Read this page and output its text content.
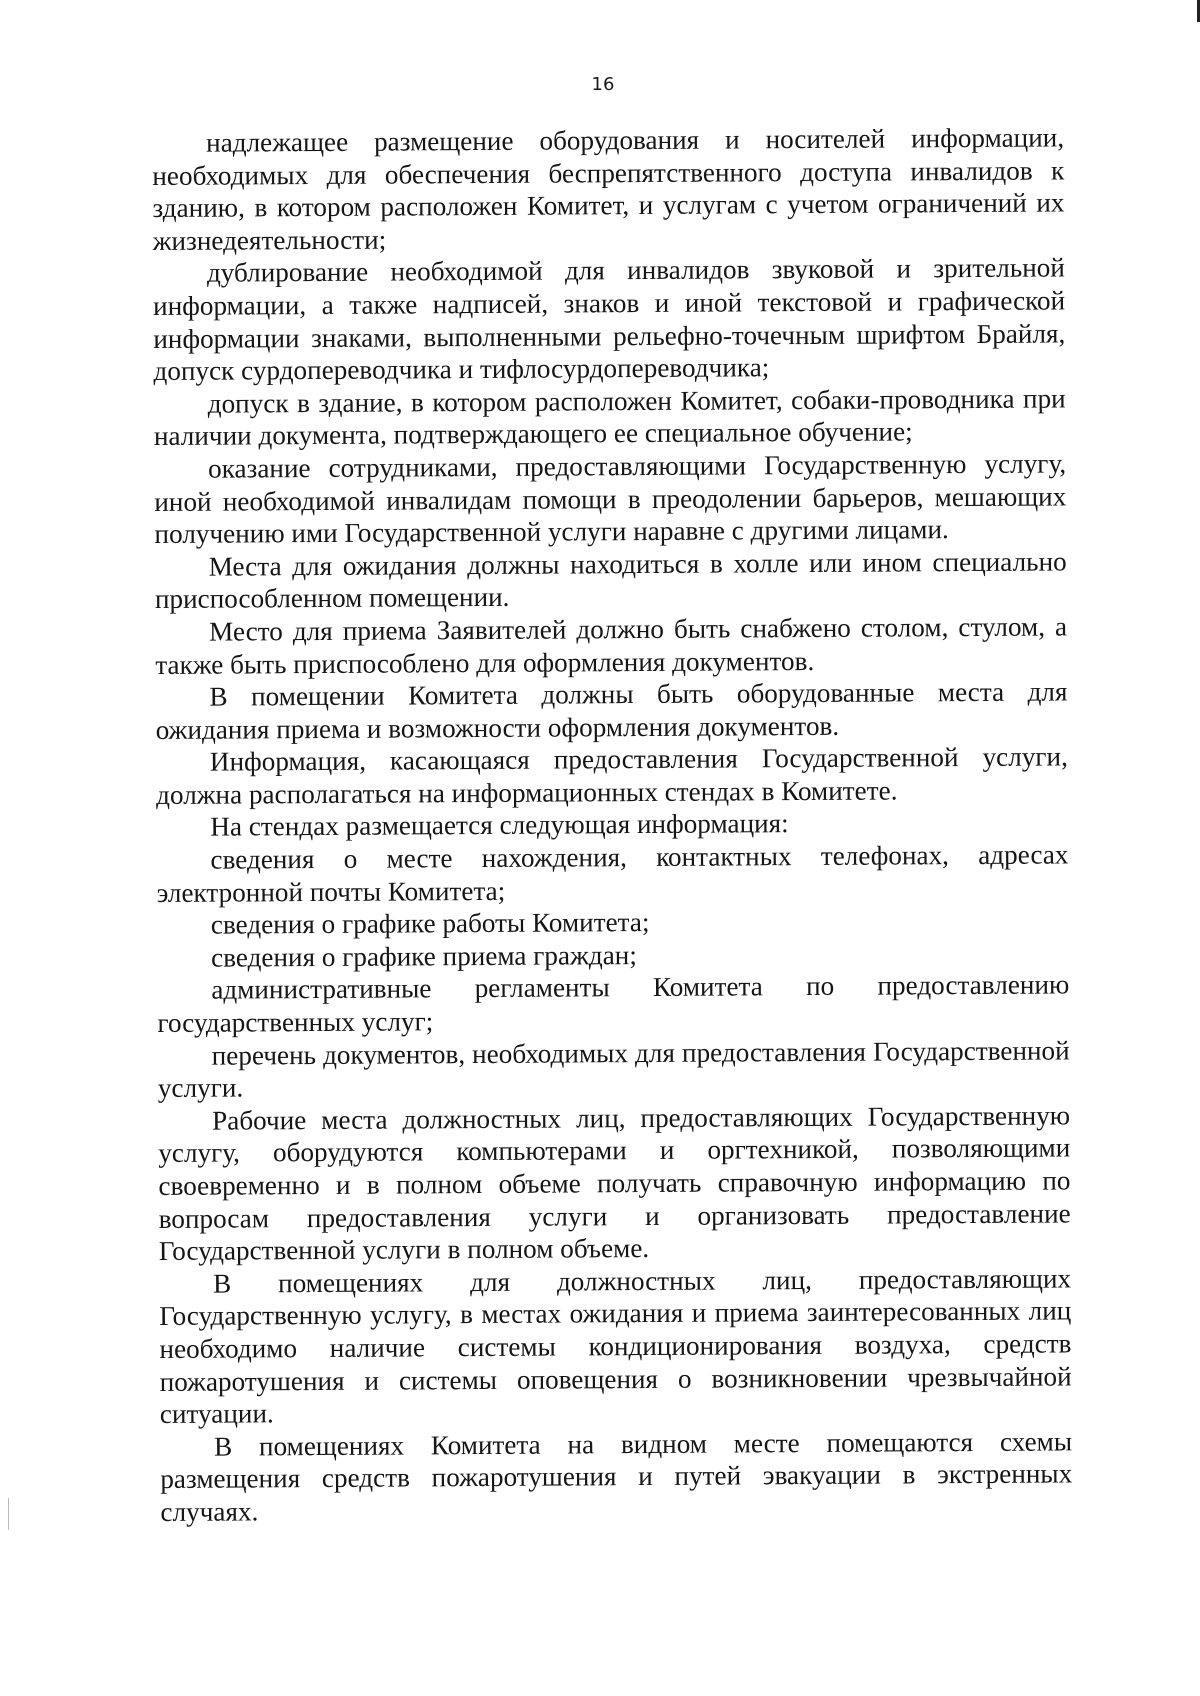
16

надлежащее размещение оборудования и носителей информации, необходимых для обеспечения беспрепятственного доступа инвалидов к зданию, в котором расположен Комитет, и услугам с учетом ограничений их жизнедеятельности;

дублирование необходимой для инвалидов звуковой и зрительной информации, а также надписей, знаков и иной текстовой и графической информации знаками, выполненными рельефно-точечным шрифтом Брайля, допуск сурдопереводчика и тифлосурдопереводчика;

допуск в здание, в котором расположен Комитет, собаки-проводника при наличии документа, подтверждающего ее специальное обучение;

оказание сотрудниками, предоставляющими Государственную услугу, иной необходимой инвалидам помощи в преодолении барьеров, мешающих получению ими Государственной услуги наравне с другими лицами.

Места для ожидания должны находиться в холле или ином специально приспособленном помещении.

Место для приема Заявителей должно быть снабжено столом, стулом, а также быть приспособлено для оформления документов.

В помещении Комитета должны быть оборудованные места для ожидания приема и возможности оформления документов.

Информация, касающаяся предоставления Государственной услуги, должна располагаться на информационных стендах в Комитете.

На стендах размещается следующая информация:

сведения о месте нахождения, контактных телефонах, адресах электронной почты Комитета;

сведения о графике работы Комитета;

сведения о графике приема граждан;

административные регламенты Комитета по предоставлению государственных услуг;

перечень документов, необходимых для предоставления Государственной услуги.

Рабочие места должностных лиц, предоставляющих Государственную услугу, оборудуются компьютерами и оргтехникой, позволяющими своевременно и в полном объеме получать справочную информацию по вопросам предоставления услуги и организовать предоставление Государственной услуги в полном объеме.

В помещениях для должностных лиц, предоставляющих Государственную услугу, в местах ожидания и приема заинтересованных лиц необходимо наличие системы кондиционирования воздуха, средств пожаротушения и системы оповещения о возникновении чрезвычайной ситуации.

В помещениях Комитета на видном месте помещаются схемы размещения средств пожаротушения и путей эвакуации в экстренных случаях.
